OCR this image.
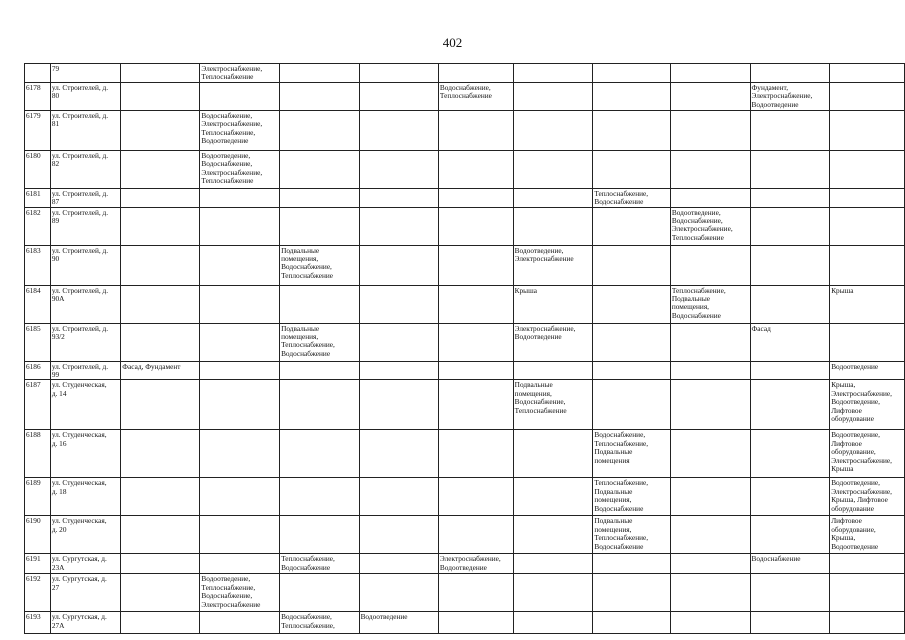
402
	79		Электроснабжение,
Теплоснабжение								
6178	ул. Строителей, д.
80					Водоснабжение,
Теплоснабжение				Фундамент,
Электроснабжение,
Водоотведение	
6179	ул. Строителей, д.
81		Водоснабжение,
Электроснабжение,
Теплоснабжение,
Водоотведение								
6180	ул. Строителей, д.
82		Водоотведение,
Водоснабжение,
Электроснабжение,
Теплоснабжение								
6181	ул. Строителей, д.
87							Теплоснабжение,
Водоснабжение			
6182	ул. Строителей, д.
89								Водоотведение,
Водоснабжение,
Электроснабжение,
Теплоснабжение		
6183	ул. Строителей, д.
90			Подвальные
помещения,
Водоснабжение,
Теплоснабжение			Водоотведение,
Электроснабжение				
6184	ул. Строителей, д.
90А						Крыша		Теплоснабжение,
Подвальные
помещения,
Водоснабжение		Крыша
6185	ул. Строителей, д.
93/2			Подвальные
помещения,
Теплоснабжение,
Водоснабжение			Электроснабжение,
Водоотведение			Фасад	
6186	ул. Строителей, д.
99	Фасад, Фундамент									Водоотведение
6187	ул. Студенческая,
д. 14						Подвальные
помещения,
Водоснабжение,
Теплоснабжение				Крыша,
Электроснабжение,
Водоотведение,
Лифтовое
оборудование
6188	ул. Студенческая,
д. 16							Водоснабжение,
Теплоснабжение,
Подвальные
помещения			Водоотведение,
Лифтовое
оборудование,
Электроснабжение,
Крыша
6189	ул. Студенческая,
д. 18							Теплоснабжение,
Подвальные
помещения,
Водоснабжение			Водоотведение,
Электроснабжение,
Крыша, Лифтовое
оборудование
6190	ул. Студенческая,
д. 20							Подвальные
помещения,
Теплоснабжение,
Водоснабжение			Лифтовое
оборудование,
Крыша,
Водоотведение
6191	ул. Сургутская, д.
23А			Теплоснабжение,
Водоснабжение		Электроснабжение,
Водоотведение				Водоснабжение	
6192	ул. Сургутская, д.
27		Водоотведение,
Теплоснабжение,
Водоснабжение,
Электроснабжение								
6193	ул. Сургутская, д.
27А			Водоснабжение,
Теплоснабжение,	Водоотведение						
